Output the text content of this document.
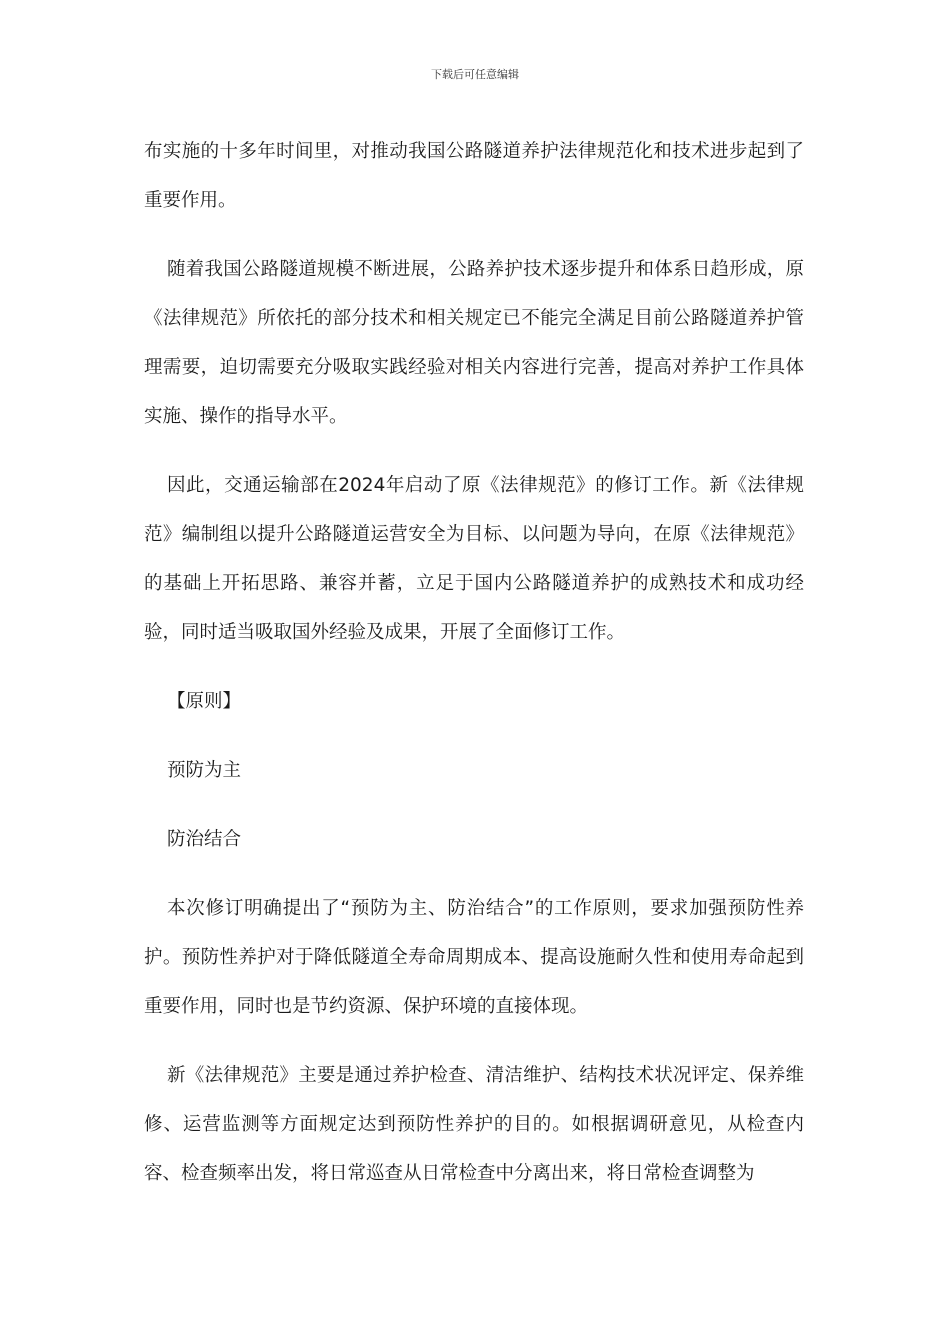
下载后可任意编辑

布实施的十多年时间里，对推动我国公路隧道养护法律规范化和技术进步起到了重要作用。

随着我国公路隧道规模不断进展，公路养护技术逐步提升和体系日趋形成，原《法律规范》所依托的部分技术和相关规定已不能完全满足目前公路隧道养护管理需要，迫切需要充分吸取实践经验对相关内容进行完善，提高对养护工作具体实施、操作的指导水平。

因此，交通运输部在2024年启动了原《法律规范》的修订工作。新《法律规范》编制组以提升公路隧道运营安全为目标、以问题为导向，在原《法律规范》的基础上开拓思路、兼容并蓄，立足于国内公路隧道养护的成熟技术和成功经验，同时适当吸取国外经验及成果，开展了全面修订工作。

【原则】

预防为主

防治结合

本次修订明确提出了“预防为主、防治结合”的工作原则，要求加强预防性养护。预防性养护对于降低隧道全寿命周期成本、提高设施耐久性和使用寿命起到重要作用，同时也是节约资源、保护环境的直接体现。

新《法律规范》主要是通过养护检查、清洁维护、结构技术状况评定、保养维修、运营监测等方面规定达到预防性养护的目的。如根据调研意见，从检查内容、检查频率出发，将日常巡查从日常检查中分离出来，将日常检查调整为
